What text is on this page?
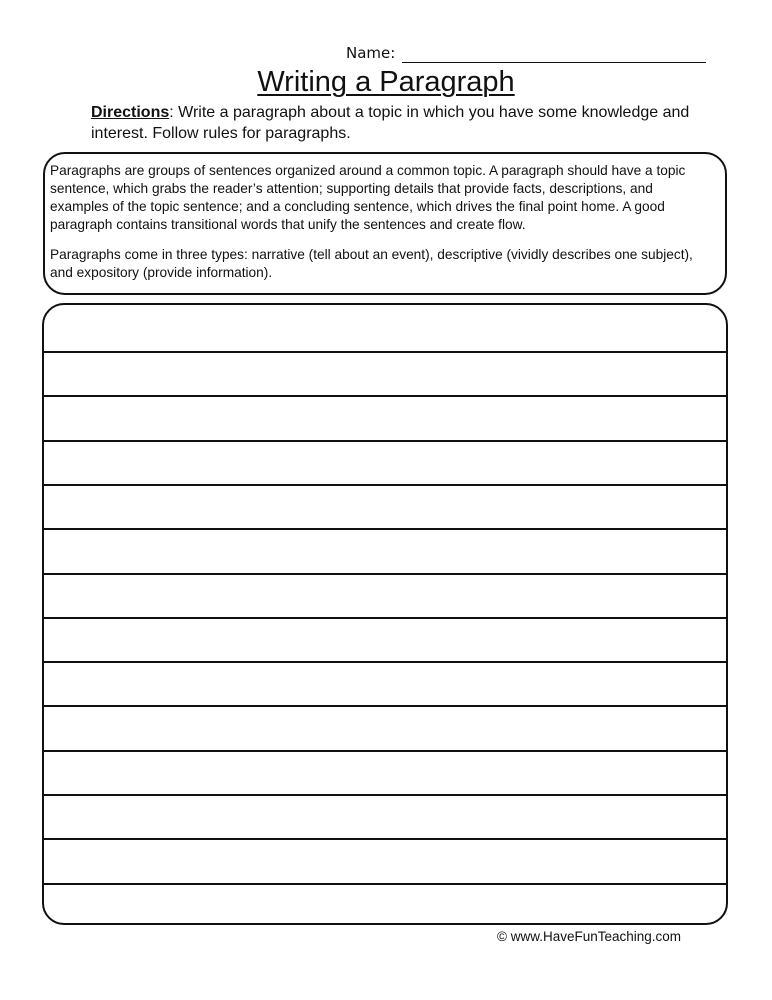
Name:
Writing a Paragraph
Directions: Write a paragraph about a topic in which you have some knowledge and interest. Follow rules for paragraphs.

Paragraphs are groups of sentences organized around a common topic. A paragraph should have a topic sentence, which grabs the reader’s attention; supporting details that provide facts, descriptions, and examples of the topic sentence; and a concluding sentence, which drives the final point home. A good paragraph contains transitional words that unify the sentences and create flow.

Paragraphs come in three types: narrative (tell about an event), descriptive (vividly describes one subject), and expository (provide information).

© www.HaveFunTeaching.com
